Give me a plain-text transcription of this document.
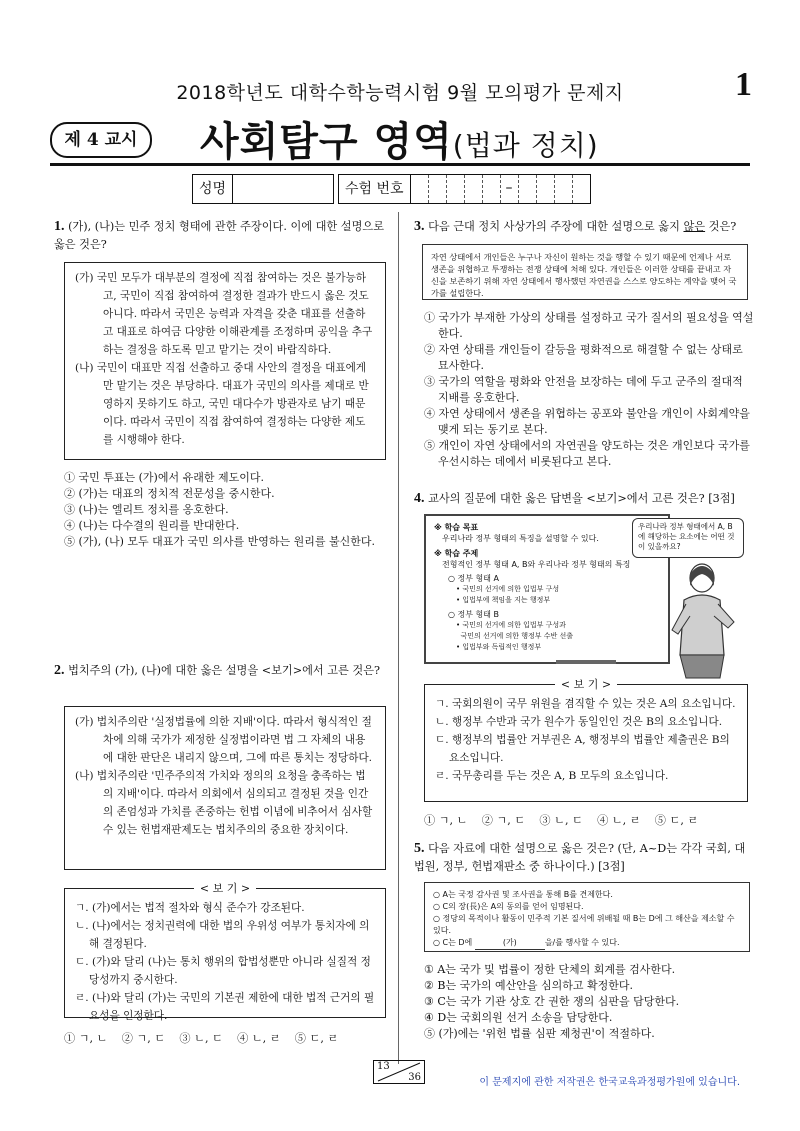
2018학년도 대학수학능력시험 9월 모의평가 문제지	1
제 4 교시	사회탐구 영역(법과 정치)
성명	수험 번호	–
1. (가), (나)는 민주 정치 형태에 관한 주장이다. 이에 대한 설명으로 옳은 것은?

(가) 국민 모두가 대부분의 결정에 직접 참여하는 것은 불가능하고, 국민이 직접 참여하여 결정한 결과가 반드시 옳은 것도 아니다. 따라서 국민은 능력과 자격을 갖춘 대표를 선출하고 대표로 하여금 다양한 이해관계를 조정하며 공익을 추구하는 결정을 하도록 믿고 맡기는 것이 바람직하다.

(나) 국민이 대표만 직접 선출하고 중대 사안의 결정을 대표에게만 맡기는 것은 부당하다. 대표가 국민의 의사를 제대로 반영하지 못하기도 하고, 국민 대다수가 방관자로 남기 때문이다. 따라서 국민이 직접 참여하여 결정하는 다양한 제도를 시행해야 한다.

① 국민 투표는 (가)에서 유래한 제도이다.

② (가)는 대표의 정치적 전문성을 중시한다.

③ (나)는 엘리트 정치를 옹호한다.

④ (나)는 다수결의 원리를 반대한다.

⑤ (가), (나) 모두 대표가 국민 의사를 반영하는 원리를 불신한다.

2. 법치주의 (가), (나)에 대한 옳은 설명을 <보기>에서 고른 것은?

(가) 법치주의란 '실정법률에 의한 지배'이다. 따라서 형식적인 절차에 의해 국가가 제정한 실정법이라면 법 그 자체의 내용에 대한 판단은 내리지 않으며, 그에 따른 통치는 정당하다.

(나) 법치주의란 '민주주의적 가치와 정의의 요청을 충족하는 법의 지배'이다. 따라서 의회에서 심의되고 결정된 것을 인간의 존엄성과 가치를 존중하는 헌법 이념에 비추어서 심사할 수 있는 헌법재판제도는 법치주의의 중요한 장치이다.

< 보 기 >

ㄱ. (가)에서는 법적 절차와 형식 준수가 강조된다.

ㄴ. (나)에서는 정치권력에 대한 법의 우위성 여부가 통치자에 의해 결정된다.

ㄷ. (가)와 달리 (나)는 통치 행위의 합법성뿐만 아니라 실질적 정당성까지 중시한다.

ㄹ. (나)와 달리 (가)는 국민의 기본권 제한에 대한 법적 근거의 필요성을 인정한다.

① ㄱ, ㄴ    ② ㄱ, ㄷ    ③ ㄴ, ㄷ    ④ ㄴ, ㄹ    ⑤ ㄷ, ㄹ
3. 다음 근대 정치 사상가의 주장에 대한 설명으로 옳지 않은 것은?
자연 상태에서 개인들은 누구나 자신이 원하는 것을 행할 수 있기 때문에 언제나 서로 생존을 위협하고 투쟁하는 전쟁 상태에 처해 있다. 개인들은 이러한 상태를 끝내고 자신을 보존하기 위해 자연 상태에서 행사했던 자연권을 스스로 양도하는 계약을 맺어 국가를 설립한다.

① 국가가 부재한 가상의 상태를 설정하고 국가 질서의 필요성을 역설한다.

② 자연 상태를 개인들이 갈등을 평화적으로 해결할 수 없는 상태로 묘사한다.

③ 국가의 역할을 평화와 안전을 보장하는 데에 두고 군주의 절대적 지배를 옹호한다.

④ 자연 상태에서 생존을 위협하는 공포와 불안을 개인이 사회계약을 맺게 되는 동기로 본다.

⑤ 개인이 자연 상태에서의 자연권을 양도하는 것은 개인보다 국가를 우선시하는 데에서 비롯된다고 본다.

4. 교사의 질문에 대한 옳은 답변을 <보기>에서 고른 것은? [3점]
※ 학습 목표
우리나라 정부 형태의 특징을 설명할 수 있다.
※ 학습 주제
전형적인 정부 형태 A, B와 우리나라 정부 형태의 특징
○ 정부 형태 A
• 국민의 선거에 의한 입법부 구성
• 입법부에 책임을 지는 행정부
○ 정부 형태 B
• 국민의 선거에 의한 입법부 구성과
국민의 선거에 의한 행정부 수반 선출
• 입법부와 독립적인 행정부
우리나라 정부 형태에서 A, B에 해당하는 요소에는 어떤 것이 있을까요?
< 보 기 >

ㄱ. 국회의원이 국무 위원을 겸직할 수 있는 것은 A의 요소입니다.

ㄴ. 행정부 수반과 국가 원수가 동일인인 것은 B의 요소입니다.

ㄷ. 행정부의 법률안 거부권은 A, 행정부의 법률안 제출권은 B의 요소입니다.

ㄹ. 국무총리를 두는 것은 A, B 모두의 요소입니다.

① ㄱ, ㄴ    ② ㄱ, ㄷ    ③ ㄴ, ㄷ    ④ ㄴ, ㄹ    ⑤ ㄷ, ㄹ
5. 다음 자료에 대한 설명으로 옳은 것은? (단, A~D는 각각 국회, 대법원, 정부, 헌법재판소 중 하나이다.) [3점]
○ A는 국정 감사권 및 조사권을 통해 B를 견제한다.
○ C의 장(長)은 A의 동의를 얻어 임명된다.
○ 정당의 목적이나 활동이 민주적 기본 질서에 위배될 때 B는 D에 그 해산을 제소할 수 있다.
○ C는 D에	(가)	을/를 행사할 수 있다.

① A는 국가 및 법률이 정한 단체의 회계를 검사한다.

② B는 국가의 예산안을 심의하고 확정한다.

③ C는 국가 기관 상호 간 권한 쟁의 심판을 담당한다.

④ D는 국회의원 선거 소송을 담당한다.

⑤ (가)에는 '위헌 법률 심판 제청권'이 적절하다.

13
36	이 문제지에 관한 저작권은 한국교육과정평가원에 있습니다.
